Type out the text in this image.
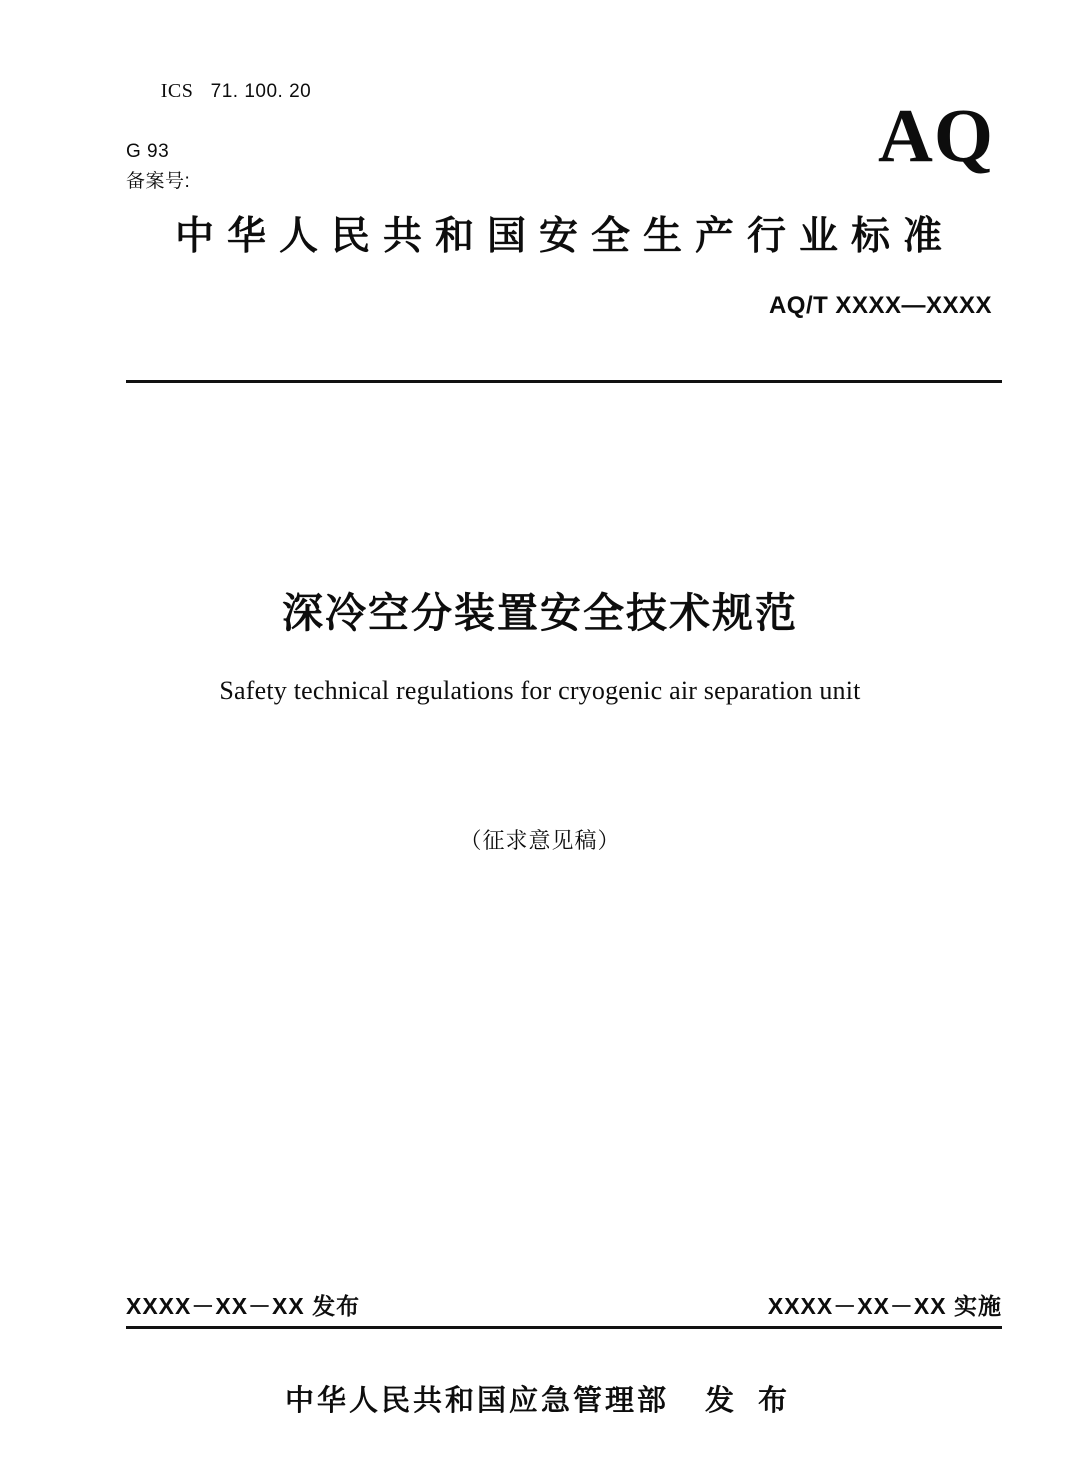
ICS 71. 100. 20

G 93
备案号:
AQ
中华人民共和国安全生产行业标准
AQ/T XXXX—XXXX
深冷空分装置安全技术规范
Safety technical regulations for cryogenic air separation unit
（征求意见稿）
XXXX－XX－XX 发布	XXXX－XX－XX 实施
中华人民共和国应急管理部 发 布
